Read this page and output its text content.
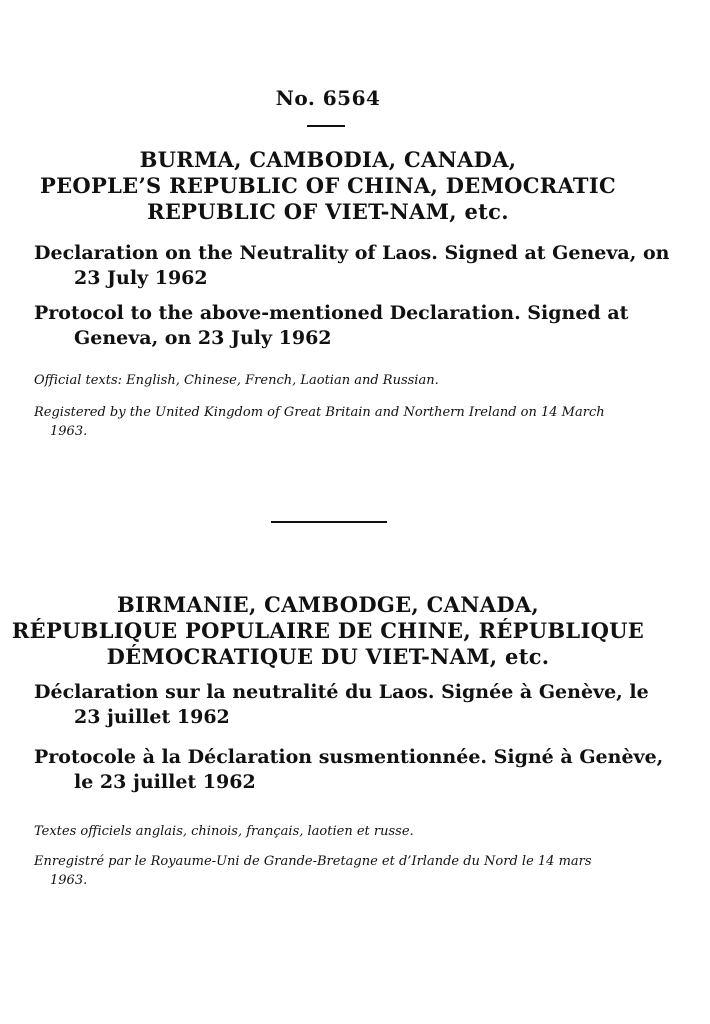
No. 6564
BURMA, CAMBODIA, CANADA,
PEOPLE’S REPUBLIC OF CHINA, DEMOCRATIC
REPUBLIC OF VIET-NAM, etc.
Declaration on the Neutrality of Laos. Signed at Geneva, on 23 July 1962
Protocol to the above-mentioned Declaration. Signed at Geneva, on 23 July 1962
Official texts: English, Chinese, French, Laotian and Russian.
Registered by the United Kingdom of Great Britain and Northern Ireland on 14 March 1963.
BIRMANIE, CAMBODGE, CANADA,
RÉPUBLIQUE POPULAIRE DE CHINE, RÉPUBLIQUE
DÉMOCRATIQUE DU VIET-NAM, etc.
Déclaration sur la neutralité du Laos. Signée à Genève, le 23 juillet 1962
Protocole à la Déclaration susmentionnée. Signé à Genève, le 23 juillet 1962
Textes officiels anglais, chinois, français, laotien et russe.
Enregistré par le Royaume-Uni de Grande-Bretagne et d’Irlande du Nord le 14 mars 1963.
